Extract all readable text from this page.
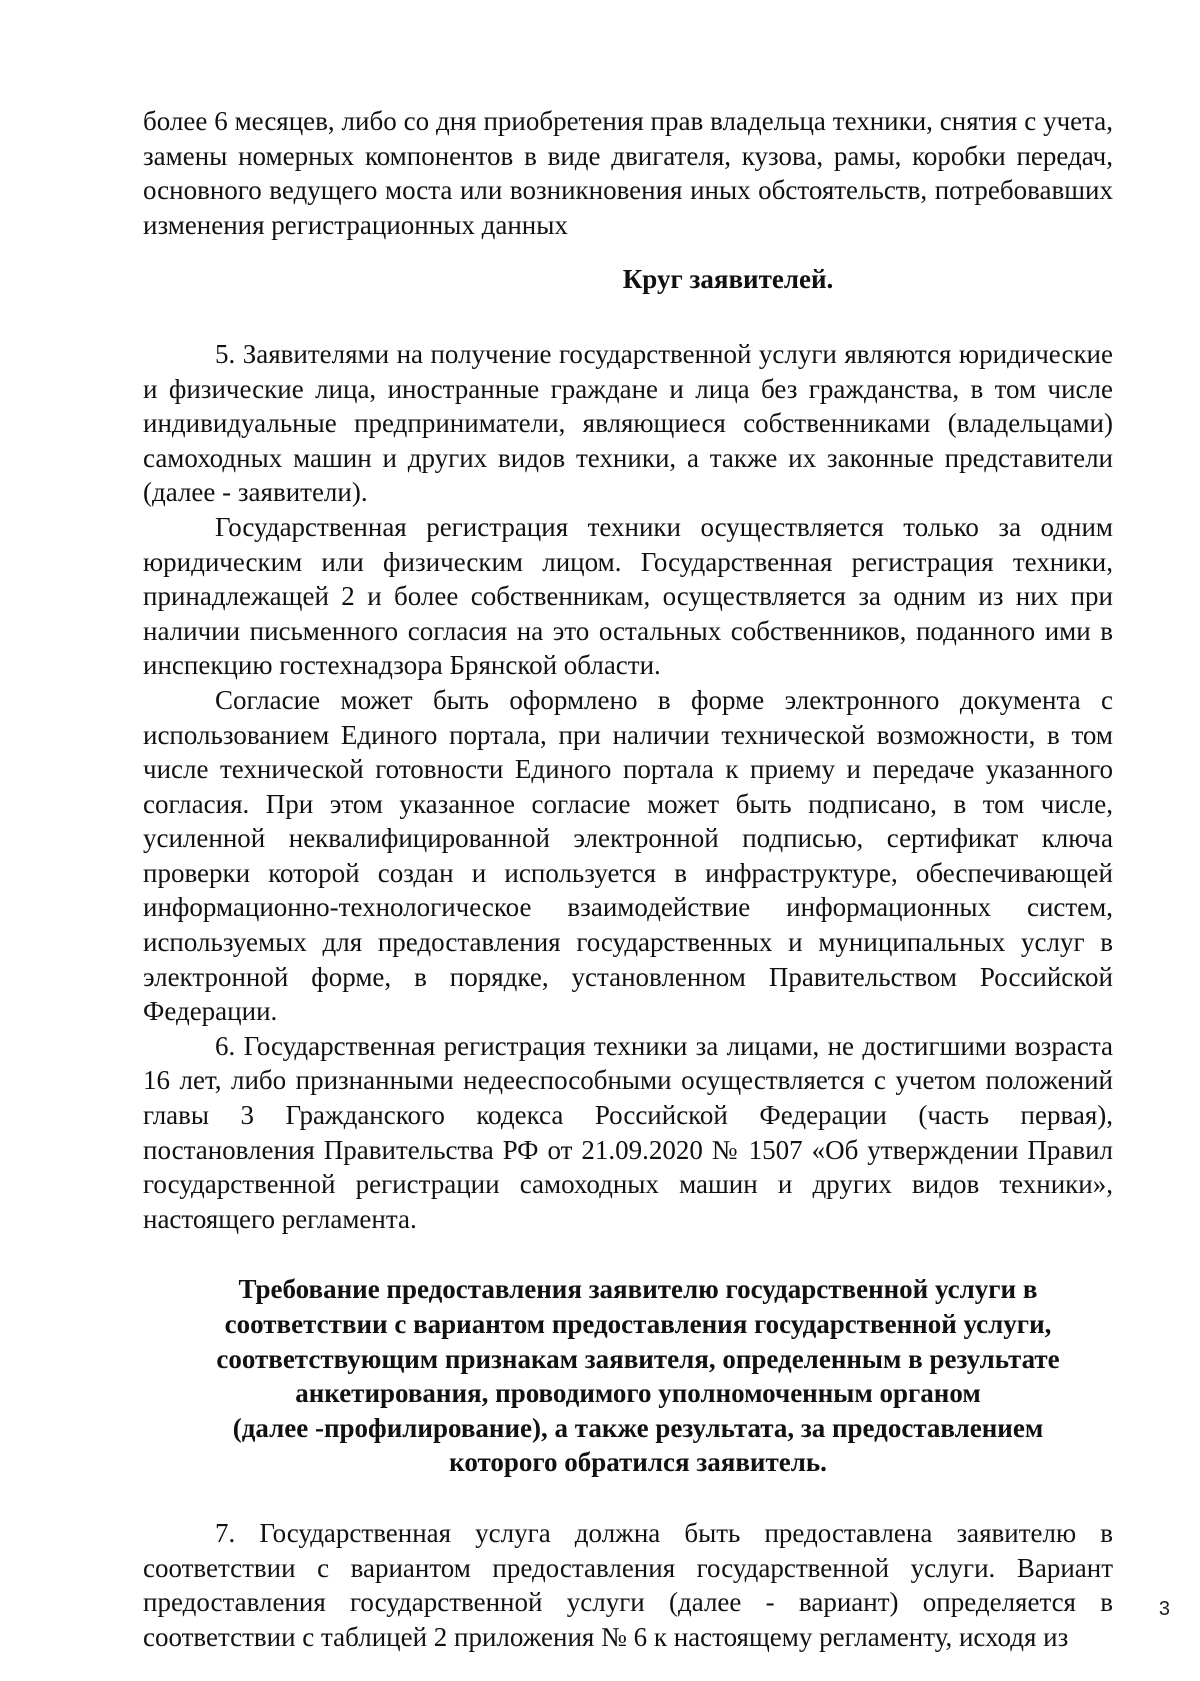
более 6 месяцев, либо со дня приобретения прав владельца техники, снятия с учета, замены номерных компонентов в виде двигателя, кузова, рамы, коробки передач, основного ведущего моста или возникновения иных обстоятельств, потребовавших изменения регистрационных данных

Круг заявителей.

5. Заявителями на получение государственной услуги являются юридические и физические лица, иностранные граждане и лица без гражданства, в том числе индивидуальные предприниматели, являющиеся собственниками (владельцами) самоходных машин и других видов техники, а также их законные представители (далее - заявители).

Государственная регистрация техники осуществляется только за одним юридическим или физическим лицом. Государственная регистрация техники, принадлежащей 2 и более собственникам, осуществляется за одним из них при наличии письменного согласия на это остальных собственников, поданного ими в инспекцию гостехнадзора Брянской области.

Согласие может быть оформлено в форме электронного документа с использованием Единого портала, при наличии технической возможности, в том числе технической готовности Единого портала к приему и передаче указанного согласия. При этом указанное согласие может быть подписано, в том числе, усиленной неквалифицированной электронной подписью, сертификат ключа проверки которой создан и используется в инфраструктуре, обеспечивающей информационно-технологическое взаимодействие информационных систем, используемых для предоставления государственных и муниципальных услуг в электронной форме, в порядке, установленном Правительством Российской Федерации.

6. Государственная регистрация техники за лицами, не достигшими возраста 16 лет, либо признанными недееспособными осуществляется с учетом положений главы 3 Гражданского кодекса Российской Федерации (часть первая), постановления Правительства РФ от 21.09.2020 № 1507 «Об утверждении Правил государственной регистрации самоходных машин и других видов техники», настоящего регламента.

Требование предоставления заявителю государственной услуги в
соответствии с вариантом предоставления государственной услуги,
соответствующим признакам заявителя, определенным в результате
анкетирования, проводимого уполномоченным органом
(далее -профилирование), а также результата, за предоставлением
которого обратился заявитель.

7. Государственная услуга должна быть предоставлена заявителю в соответствии с вариантом предоставления государственной услуги. Вариант предоставления государственной услуги (далее - вариант) определяется в соответствии с таблицей 2 приложения № 6 к настоящему регламенту, исходя из

3
